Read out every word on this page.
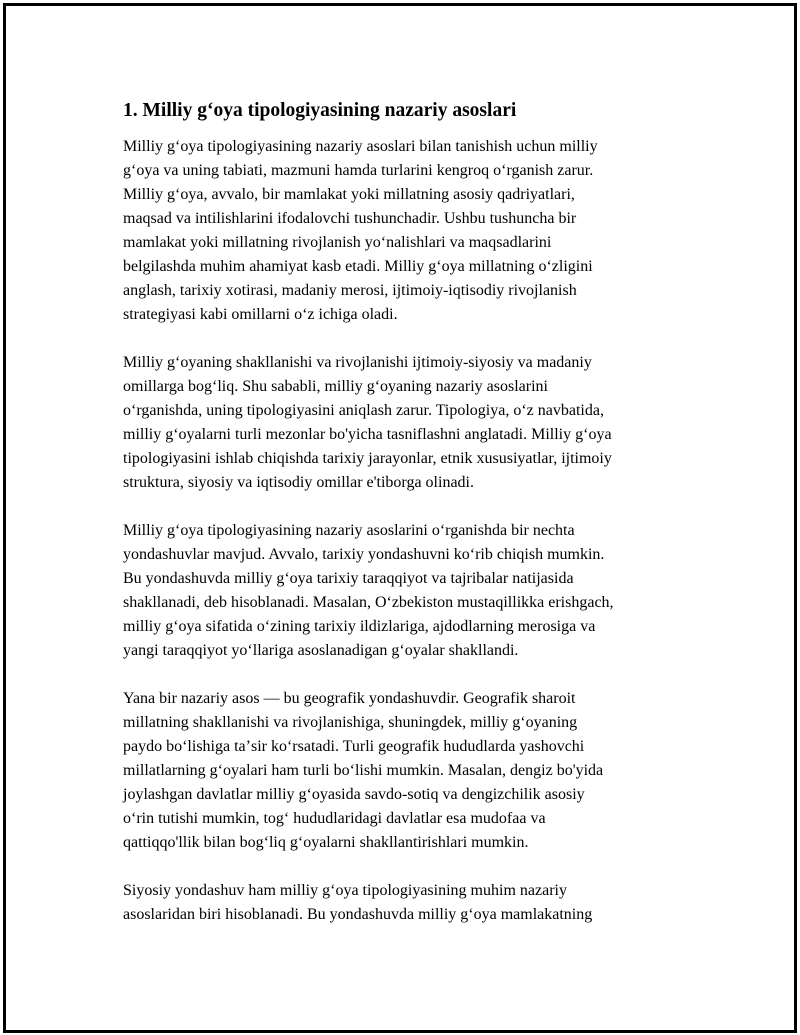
1. Milliy gʻoya tipologiyasining nazariy asoslari

Milliy gʻoya tipologiyasining nazariy asoslari bilan tanishish uchun milliy
gʻoya va uning tabiati, mazmuni hamda turlarini kengroq oʻrganish zarur.
Milliy gʻoya, avvalo, bir mamlakat yoki millatning asosiy qadriyatlari,
maqsad va intilishlarini ifodalovchi tushunchadir. Ushbu tushuncha bir
mamlakat yoki millatning rivojlanish yoʻnalishlari va maqsadlarini
belgilashda muhim ahamiyat kasb etadi. Milliy gʻoya millatning oʻzligini
anglash, tarixiy xotirasi, madaniy merosi, ijtimoiy-iqtisodiy rivojlanish
strategiyasi kabi omillarni oʻz ichiga oladi.

Milliy gʻoyaning shakllanishi va rivojlanishi ijtimoiy-siyosiy va madaniy
omillarga bogʻliq. Shu sababli, milliy gʻoyaning nazariy asoslarini
oʻrganishda, uning tipologiyasini aniqlash zarur. Tipologiya, oʻz navbatida,
milliy gʻoyalarni turli mezonlar bo'yicha tasniflashni anglatadi. Milliy gʻoya
tipologiyasini ishlab chiqishda tarixiy jarayonlar, etnik xususiyatlar, ijtimoiy
struktura, siyosiy va iqtisodiy omillar e'tiborga olinadi.

Milliy gʻoya tipologiyasining nazariy asoslarini oʻrganishda bir nechta
yondashuvlar mavjud. Avvalo, tarixiy yondashuvni koʻrib chiqish mumkin.
Bu yondashuvda milliy gʻoya tarixiy taraqqiyot va tajribalar natijasida
shakllanadi, deb hisoblanadi. Masalan, Oʻzbekiston mustaqillikka erishgach,
milliy gʻoya sifatida oʻzining tarixiy ildizlariga, ajdodlarning merosiga va
yangi taraqqiyot yoʻllariga asoslanadigan gʻoyalar shakllandi.

Yana bir nazariy asos — bu geografik yondashuvdir. Geografik sharoit
millatning shakllanishi va rivojlanishiga, shuningdek, milliy gʻoyaning
paydo boʻlishiga taʼsir koʻrsatadi. Turli geografik hududlarda yashovchi
millatlarning gʻoyalari ham turli boʻlishi mumkin. Masalan, dengiz bo'yida
joylashgan davlatlar milliy gʻoyasida savdo-sotiq va dengizchilik asosiy
oʻrin tutishi mumkin, togʻ hududlaridagi davlatlar esa mudofaa va
qattiqqo'llik bilan bogʻliq gʻoyalarni shakllantirishlari mumkin.

Siyosiy yondashuv ham milliy gʻoya tipologiyasining muhim nazariy
asoslaridan biri hisoblanadi. Bu yondashuvda milliy gʻoya mamlakatning
